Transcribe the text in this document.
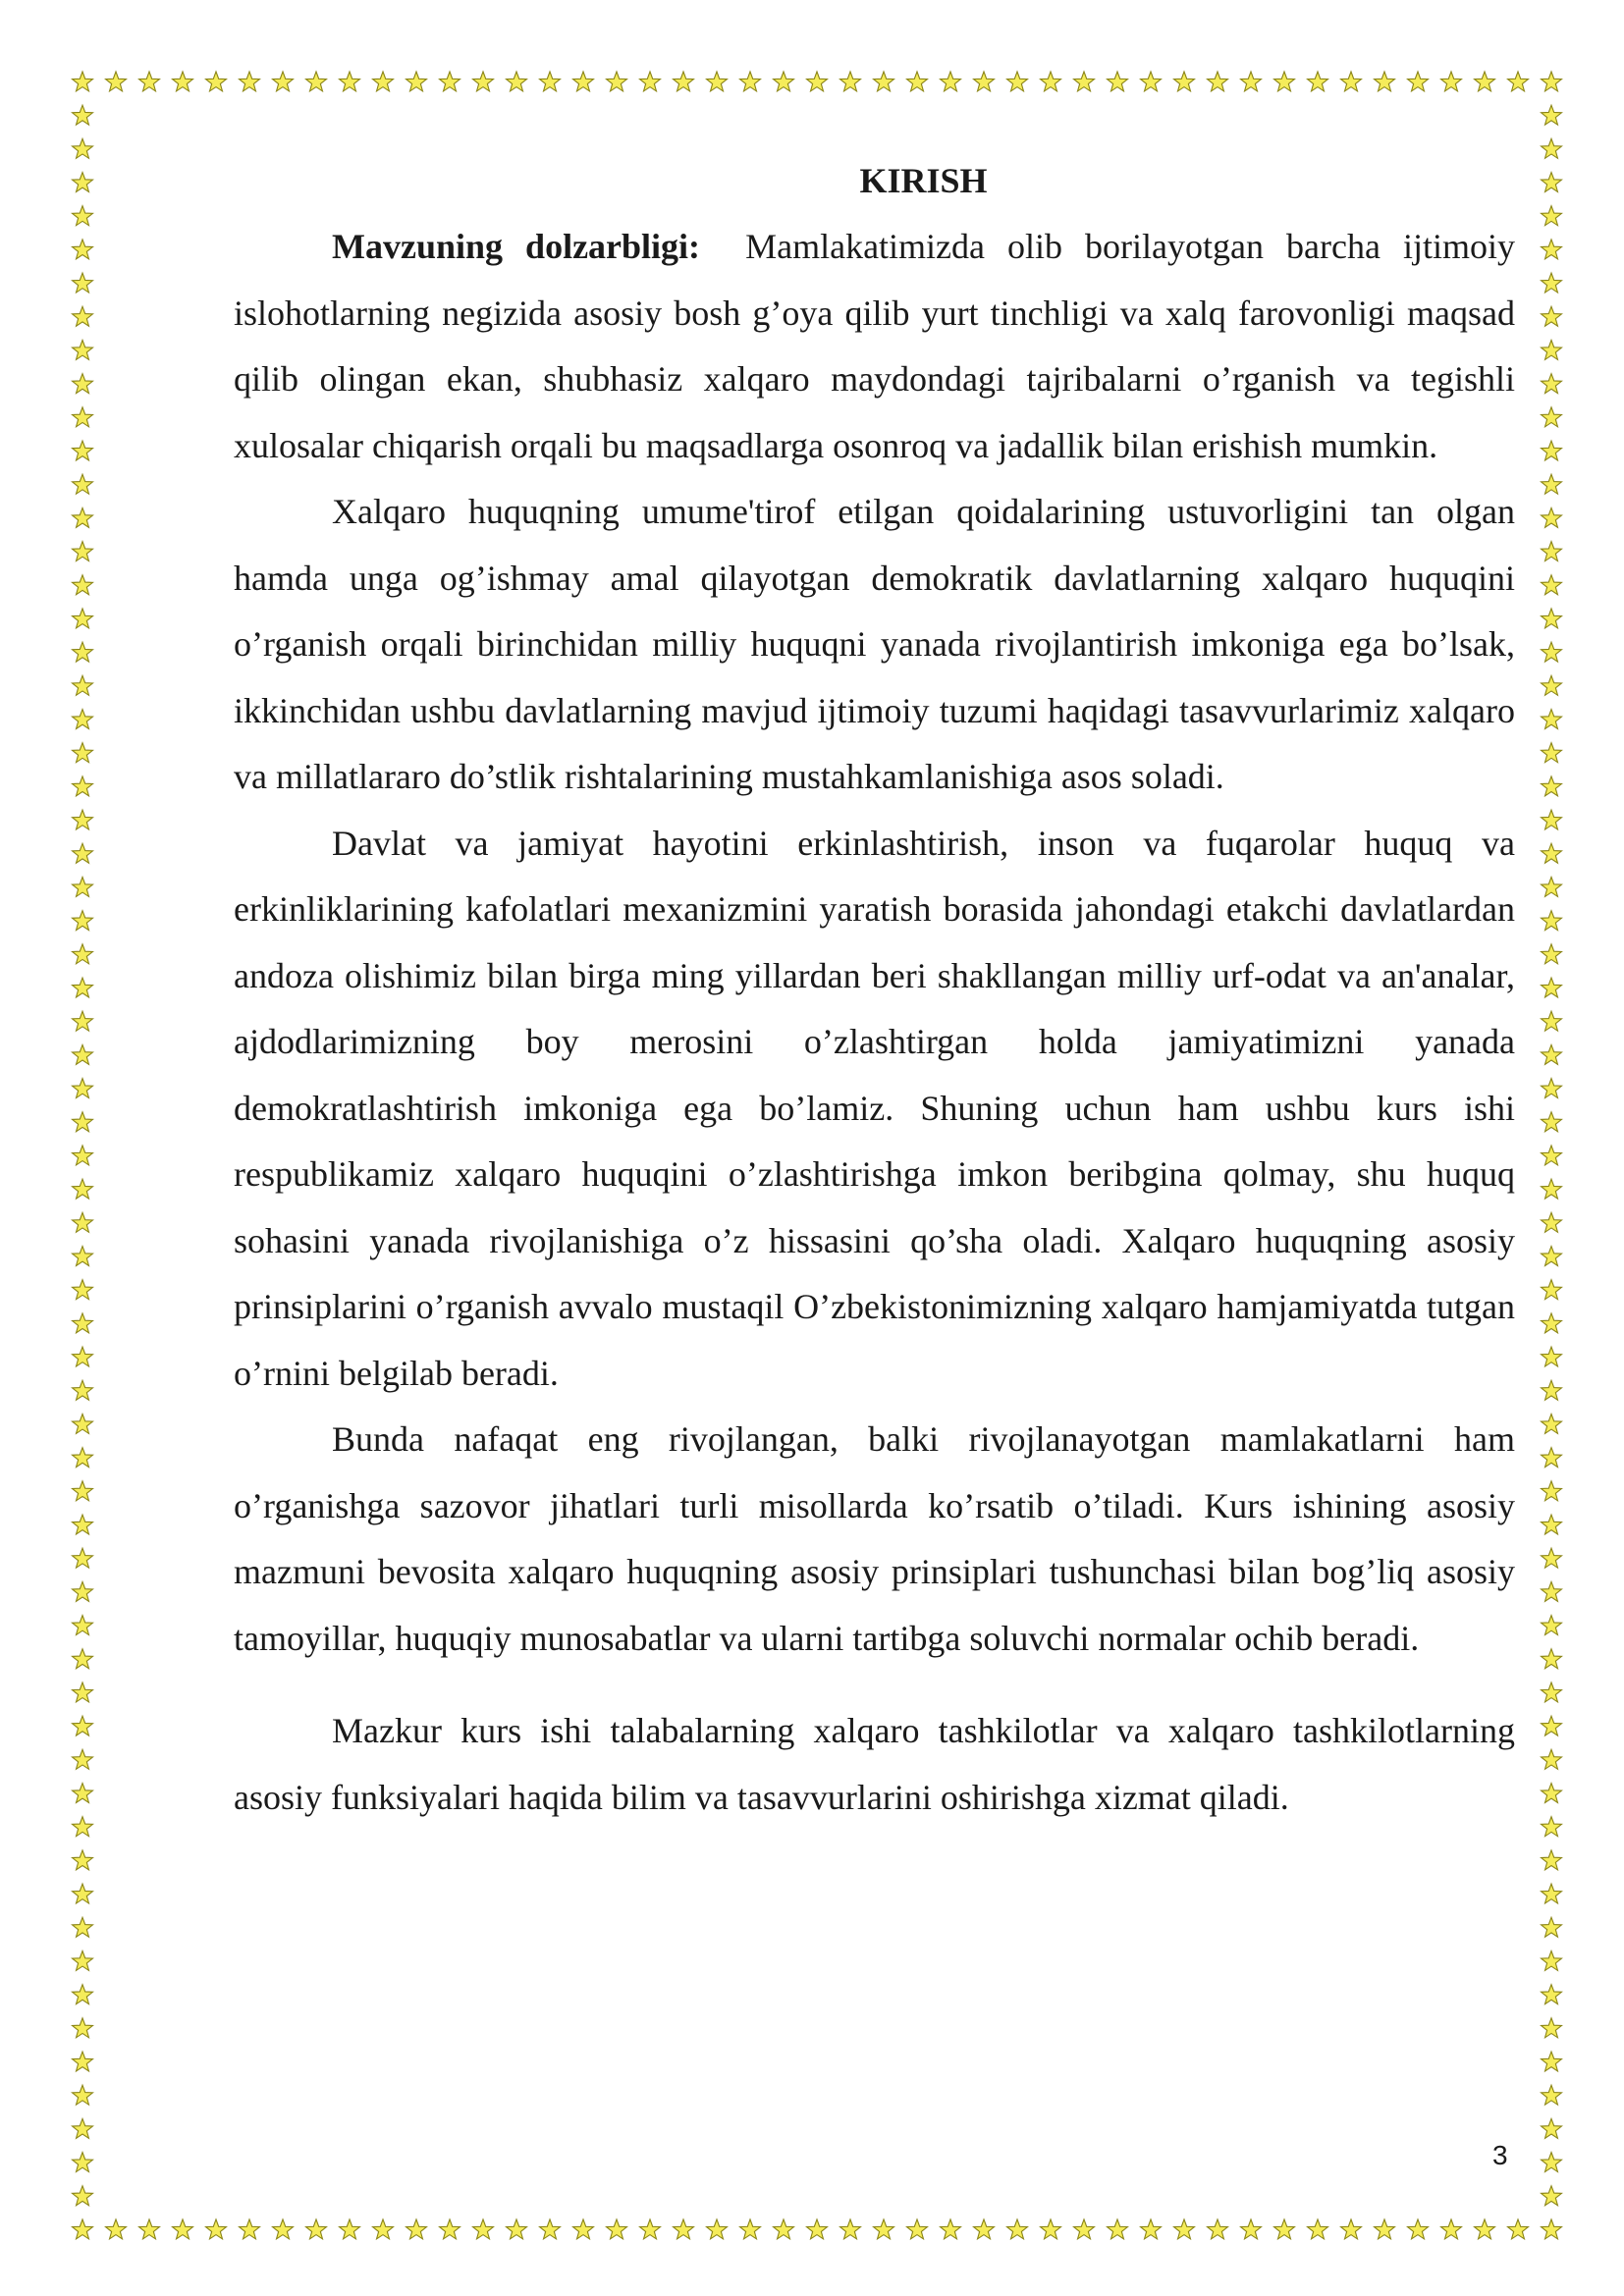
KIRISH

Mavzuning dolzarbligi: Mamlakatimizda olib borilayotgan barcha ijtimoiy islohotlarning negizida asosiy bosh g’oya qilib yurt tinchligi va xalq farovonligi maqsad qilib olingan ekan, shubhasiz xalqaro maydondagi tajribalarni o’rganish va tegishli xulosalar chiqarish orqali bu maqsadlarga osonroq va jadallik bilan erishish mumkin.

Xalqaro huquqning umume'tirof etilgan qoidalarining ustuvorligini tan olgan hamda unga og’ishmay amal qilayotgan demokratik davlatlarning xalqaro huquqini o’rganish orqali birinchidan milliy huquqni yanada rivojlantirish imkoniga ega bo’lsak, ikkinchidan ushbu davlatlarning mavjud ijtimoiy tuzumi haqidagi tasavvurlarimiz xalqaro va millatlararo do’stlik rishtalarining mustahkamlanishiga asos soladi.

Davlat va jamiyat hayotini erkinlashtirish, inson va fuqarolar huquq va erkinliklarining kafolatlari mexanizmini yaratish borasida jahondagi etakchi davlatlardan andoza olishimiz bilan birga ming yillardan beri shakllangan milliy urf-odat va an'analar, ajdodlarimizning boy merosini o’zlashtirgan holda jamiyatimizni yanada demokratlashtirish imkoniga ega bo’lamiz. Shuning uchun ham ushbu kurs ishi respublikamiz xalqaro huquqini o’zlashtirishga imkon beribgina qolmay, shu huquq sohasini yanada rivojlanishiga o’z hissasini qo’sha oladi. Xalqaro huquqning asosiy prinsiplarini o’rganish avvalo mustaqil O’zbekistonimizning xalqaro hamjamiyatda tutgan o’rnini belgilab beradi.

Bunda nafaqat eng rivojlangan, balki rivojlanayotgan mamlakatlarni ham o’rganishga sazovor jihatlari turli misollarda ko’rsatib o’tiladi. Kurs ishining asosiy mazmuni bevosita xalqaro huquqning asosiy prinsiplari tushunchasi bilan bog’liq asosiy tamoyillar, huquqiy munosabatlar va ularni tartibga soluvchi normalar ochib beradi.

Mazkur kurs ishi talabalarning xalqaro tashkilotlar va xalqaro tashkilotlarning asosiy funksiyalari haqida bilim va tasavvurlarini oshirishga xizmat qiladi.

3
